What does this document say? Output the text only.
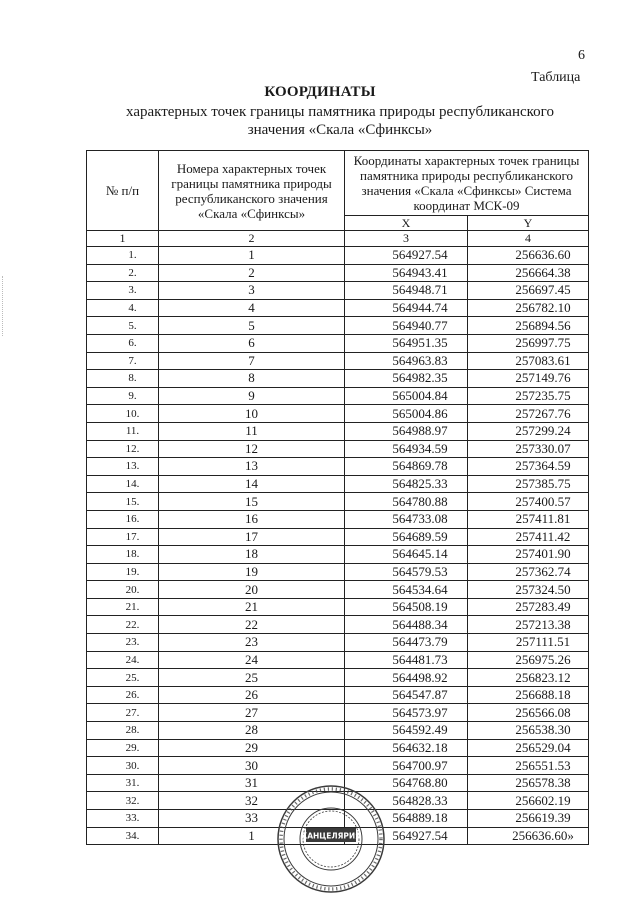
6
Таблица
КООРДИНАТЫ
характерных точек границы памятника природы республиканского значения «Скала «Сфинксы»
№ п/п	Номера характерных точек границы памятника природы республиканского значения «Скала «Сфинксы»	Координаты характерных точек границы памятника природы республиканского значения «Скала «Сфинксы» Система координат МСК-09	
		X	Y
1	2	3	4
1.	1	564927.54	256636.60
2.	2	564943.41	256664.38
3.	3	564948.71	256697.45
4.	4	564944.74	256782.10
5.	5	564940.77	256894.56
6.	6	564951.35	256997.75
7.	7	564963.83	257083.61
8.	8	564982.35	257149.76
9.	9	565004.84	257235.75
10.	10	565004.86	257267.76
11.	11	564988.97	257299.24
12.	12	564934.59	257330.07
13.	13	564869.78	257364.59
14.	14	564825.33	257385.75
15.	15	564780.88	257400.57
16.	16	564733.08	257411.81
17.	17	564689.59	257411.42
18.	18	564645.14	257401.90
19.	19	564579.53	257362.74
20.	20	564534.64	257324.50
21.	21	564508.19	257283.49
22.	22	564488.34	257213.38
23.	23	564473.79	257111.51
24.	24	564481.73	256975.26
25.	25	564498.92	256823.12
26.	26	564547.87	256688.18
27.	27	564573.97	256566.08
28.	28	564592.49	256538.30
29.	29	564632.18	256529.04
30.	30	564700.97	256551.53
31.	31	564768.80	256578.38
32.	32	564828.33	256602.19
33.	33	564889.18	256619.39
34.	1	564927.54	256636.60»
КАНЦЕЛЯРИЯ
